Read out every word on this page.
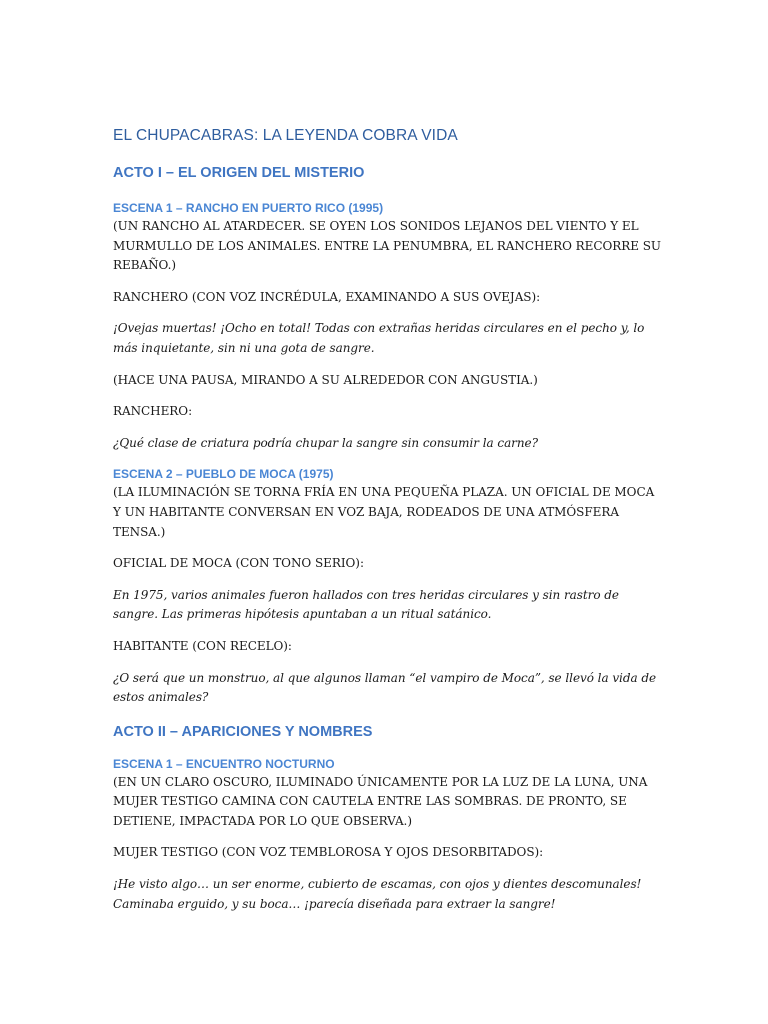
EL CHUPACABRAS: LA LEYENDA COBRA VIDA
ACTO I – EL ORIGEN DEL MISTERIO
ESCENA 1 – RANCHO EN PUERTO RICO (1995)

(UN RANCHO AL ATARDECER. SE OYEN LOS SONIDOS LEJANOS DEL VIENTO Y EL MURMULLO DE LOS ANIMALES. ENTRE LA PENUMBRA, EL RANCHERO RECORRE SU REBAÑO.)

RANCHERO (CON VOZ INCRÉDULA, EXAMINANDO A SUS OVEJAS):

¡Ovejas muertas! ¡Ocho en total! Todas con extrañas heridas circulares en el pecho y, lo más inquietante, sin ni una gota de sangre.

(HACE UNA PAUSA, MIRANDO A SU ALREDEDOR CON ANGUSTIA.)

RANCHERO:

¿Qué clase de criatura podría chupar la sangre sin consumir la carne?

ESCENA 2 – PUEBLO DE MOCA (1975)

(LA ILUMINACIÓN SE TORNA FRÍA EN UNA PEQUEÑA PLAZA. UN OFICIAL DE MOCA Y UN HABITANTE CONVERSAN EN VOZ BAJA, RODEADOS DE UNA ATMÓSFERA TENSA.)

OFICIAL DE MOCA (CON TONO SERIO):

En 1975, varios animales fueron hallados con tres heridas circulares y sin rastro de sangre. Las primeras hipótesis apuntaban a un ritual satánico.

HABITANTE (CON RECELO):

¿O será que un monstruo, al que algunos llaman “el vampiro de Moca”, se llevó la vida de estos animales?

ACTO II – APARICIONES Y NOMBRES
ESCENA 1 – ENCUENTRO NOCTURNO

(EN UN CLARO OSCURO, ILUMINADO ÚNICAMENTE POR LA LUZ DE LA LUNA, UNA MUJER TESTIGO CAMINA CON CAUTELA ENTRE LAS SOMBRAS. DE PRONTO, SE DETIENE, IMPACTADA POR LO QUE OBSERVA.)

MUJER TESTIGO (CON VOZ TEMBLOROSA Y OJOS DESORBITADOS):

¡He visto algo… un ser enorme, cubierto de escamas, con ojos y dientes descomunales! Caminaba erguido, y su boca… ¡parecía diseñada para extraer la sangre!
